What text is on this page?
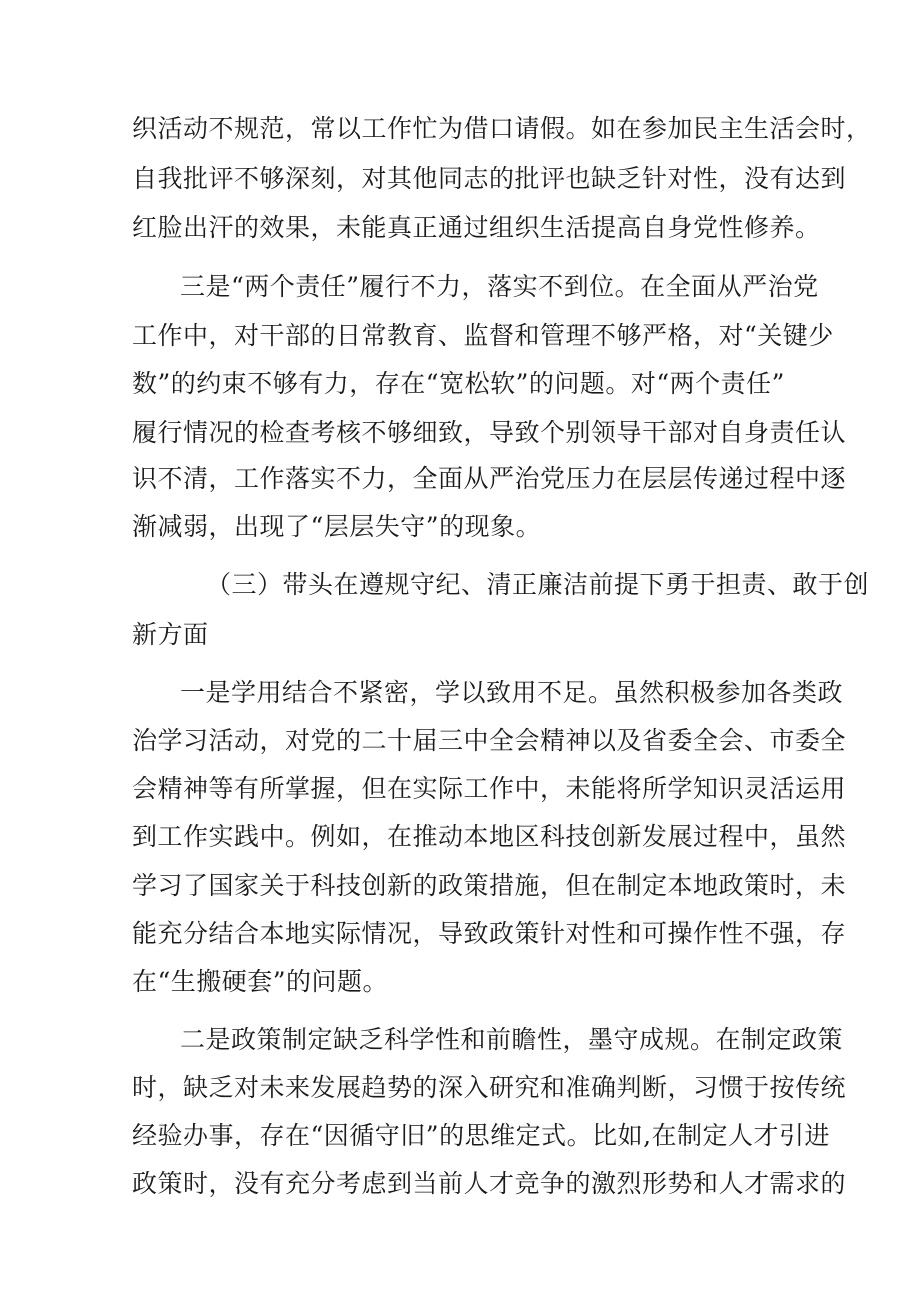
织活动不规范，常以工作忙为借口请假。如在参加民主生活会时，
自我批评不够深刻，对其他同志的批评也缺乏针对性，没有达到
红脸出汗的效果，未能真正通过组织生活提高自身党性修养。
三是“两个责任”履行不力，落实不到位。在全面从严治党
工作中，对干部的日常教育、监督和管理不够严格，对“关键少
数”的约束不够有力，存在“宽松软”的问题。对“两个责任”
履行情况的检查考核不够细致，导致个别领导干部对自身责任认
识不清，工作落实不力，全面从严治党压力在层层传递过程中逐
渐减弱，出现了“层层失守”的现象。
（三）带头在遵规守纪、清正廉洁前提下勇于担责、敢于创
新方面
一是学用结合不紧密，学以致用不足。虽然积极参加各类政
治学习活动，对党的二十届三中全会精神以及省委全会、市委全
会精神等有所掌握，但在实际工作中，未能将所学知识灵活运用
到工作实践中。例如，在推动本地区科技创新发展过程中，虽然
学习了国家关于科技创新的政策措施，但在制定本地政策时，未
能充分结合本地实际情况，导致政策针对性和可操作性不强，存
在“生搬硬套”的问题。
二是政策制定缺乏科学性和前瞻性，墨守成规。在制定政策
时，缺乏对未来发展趋势的深入研究和准确判断，习惯于按传统
经验办事，存在“因循守旧”的思维定式。比如,在制定人才引进
政策时，没有充分考虑到当前人才竞争的激烈形势和人才需求的
